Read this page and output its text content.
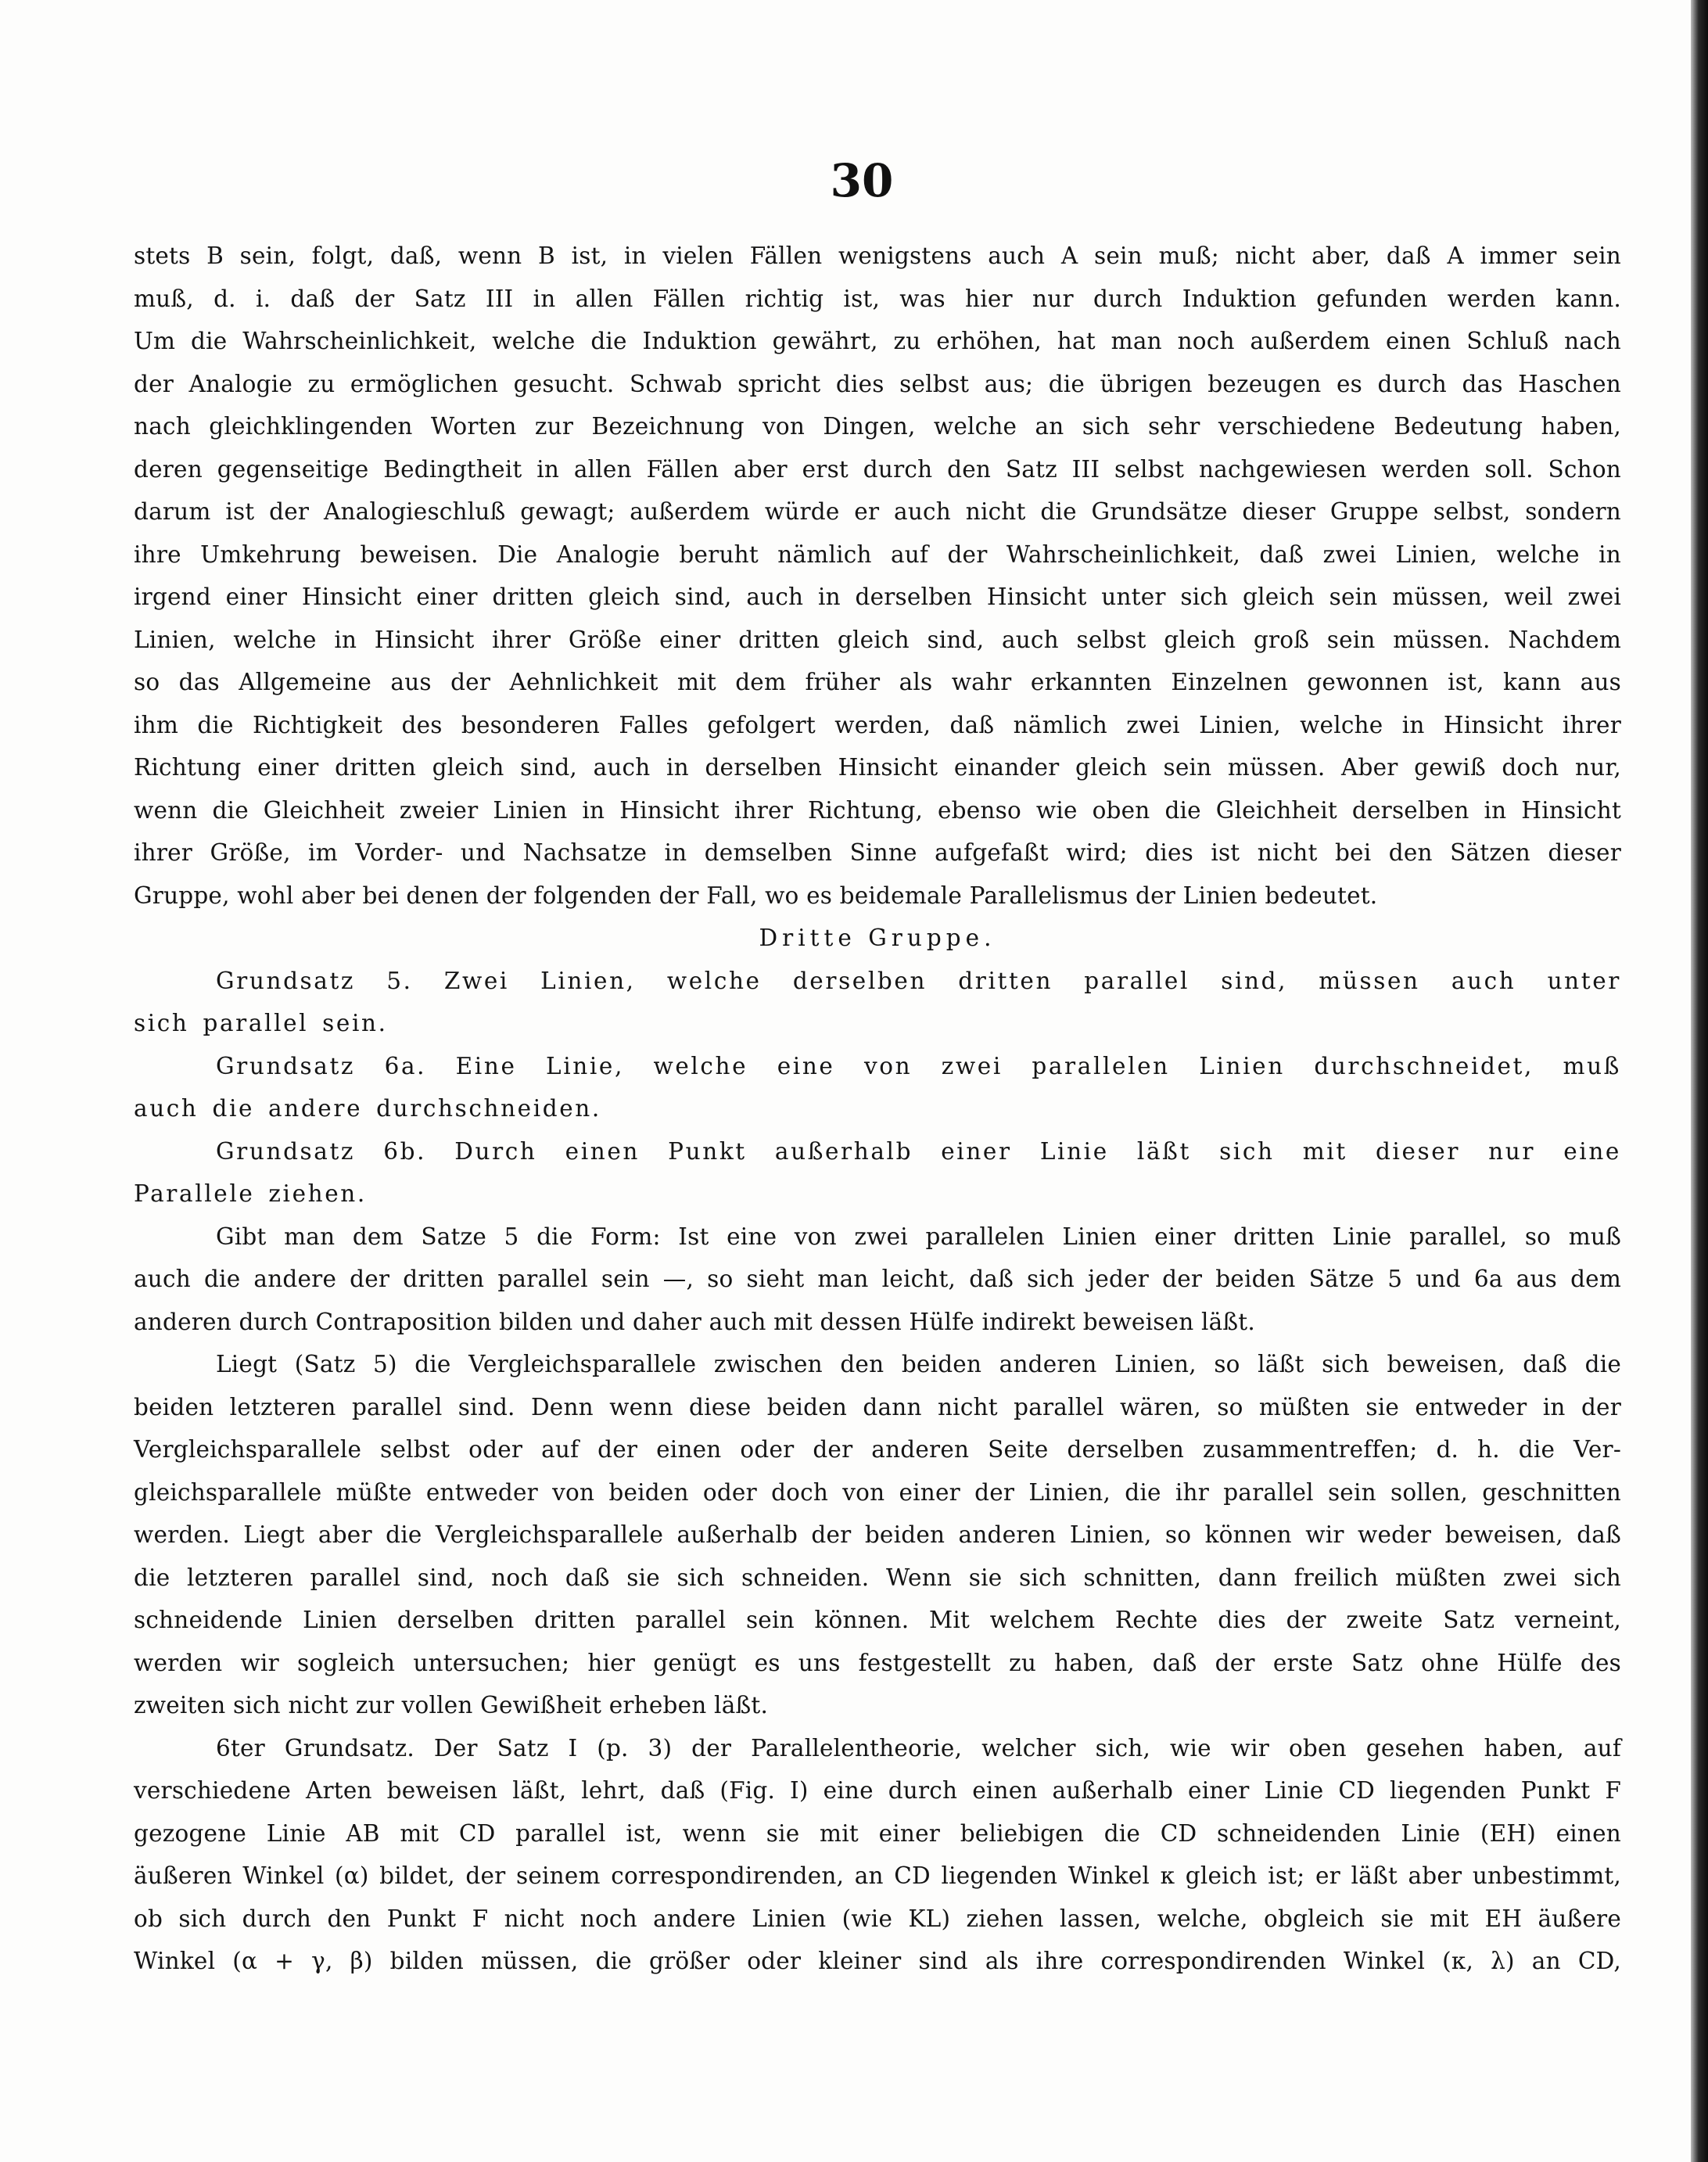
30
stets B sein, folgt, daß, wenn B ist, in vielen Fällen wenigstens auch A sein muß; nicht aber, daß A immer sein
muß, d. i. daß der Satz III in allen Fällen richtig ist, was hier nur durch Induktion gefunden werden kann.
Um die Wahrscheinlichkeit, welche die Induktion gewährt, zu erhöhen, hat man noch außerdem einen Schluß nach
der Analogie zu ermöglichen gesucht. Schwab spricht dies selbst aus; die übrigen bezeugen es durch das Haschen
nach gleichklingenden Worten zur Bezeichnung von Dingen, welche an sich sehr verschiedene Bedeutung haben,
deren gegenseitige Bedingtheit in allen Fällen aber erst durch den Satz III selbst nachgewiesen werden soll. Schon
darum ist der Analogieschluß gewagt; außerdem würde er auch nicht die Grundsätze dieser Gruppe selbst, sondern
ihre Umkehrung beweisen. Die Analogie beruht nämlich auf der Wahrscheinlichkeit, daß zwei Linien, welche in
irgend einer Hinsicht einer dritten gleich sind, auch in derselben Hinsicht unter sich gleich sein müssen, weil zwei
Linien, welche in Hinsicht ihrer Größe einer dritten gleich sind, auch selbst gleich groß sein müssen. Nachdem
so das Allgemeine aus der Aehnlichkeit mit dem früher als wahr erkannten Einzelnen gewonnen ist, kann aus
ihm die Richtigkeit des besonderen Falles gefolgert werden, daß nämlich zwei Linien, welche in Hinsicht ihrer
Richtung einer dritten gleich sind, auch in derselben Hinsicht einander gleich sein müssen. Aber gewiß doch nur,
wenn die Gleichheit zweier Linien in Hinsicht ihrer Richtung, ebenso wie oben die Gleichheit derselben in Hinsicht
ihrer Größe, im Vorder- und Nachsatze in demselben Sinne aufgefaßt wird; dies ist nicht bei den Sätzen dieser
Gruppe, wohl aber bei denen der folgenden der Fall, wo es beidemale Parallelismus der Linien bedeutet.
Dritte Gruppe.
Grundsatz 5. Zwei Linien, welche derselben dritten parallel sind, müssen auch unter
sich parallel sein.
Grundsatz 6a. Eine Linie, welche eine von zwei parallelen Linien durchschneidet, muß
auch die andere durchschneiden.
Grundsatz 6b. Durch einen Punkt außerhalb einer Linie läßt sich mit dieser nur eine
Parallele ziehen.
Gibt man dem Satze 5 die Form: Ist eine von zwei parallelen Linien einer dritten Linie parallel, so muß
auch die andere der dritten parallel sein —, so sieht man leicht, daß sich jeder der beiden Sätze 5 und 6a aus dem
anderen durch Contraposition bilden und daher auch mit dessen Hülfe indirekt beweisen läßt.
Liegt (Satz 5) die Vergleichsparallele zwischen den beiden anderen Linien, so läßt sich beweisen, daß die
beiden letzteren parallel sind. Denn wenn diese beiden dann nicht parallel wären, so müßten sie entweder in der
Vergleichsparallele selbst oder auf der einen oder der anderen Seite derselben zusammentreffen; d. h. die Ver-
gleichsparallele müßte entweder von beiden oder doch von einer der Linien, die ihr parallel sein sollen, geschnitten
werden. Liegt aber die Vergleichsparallele außerhalb der beiden anderen Linien, so können wir weder beweisen, daß
die letzteren parallel sind, noch daß sie sich schneiden. Wenn sie sich schnitten, dann freilich müßten zwei sich
schneidende Linien derselben dritten parallel sein können. Mit welchem Rechte dies der zweite Satz verneint,
werden wir sogleich untersuchen; hier genügt es uns festgestellt zu haben, daß der erste Satz ohne Hülfe des
zweiten sich nicht zur vollen Gewißheit erheben läßt.
6ter Grundsatz. Der Satz I (p. 3) der Parallelentheorie, welcher sich, wie wir oben gesehen haben, auf
verschiedene Arten beweisen läßt, lehrt, daß (Fig. I) eine durch einen außerhalb einer Linie CD liegenden Punkt F
gezogene Linie AB mit CD parallel ist, wenn sie mit einer beliebigen die CD schneidenden Linie (EH) einen
äußeren Winkel (α) bildet, der seinem correspondirenden, an CD liegenden Winkel κ gleich ist; er läßt aber unbestimmt,
ob sich durch den Punkt F nicht noch andere Linien (wie KL) ziehen lassen, welche, obgleich sie mit EH äußere
Winkel (α + γ, β) bilden müssen, die größer oder kleiner sind als ihre correspondirenden Winkel (κ, λ) an CD,
